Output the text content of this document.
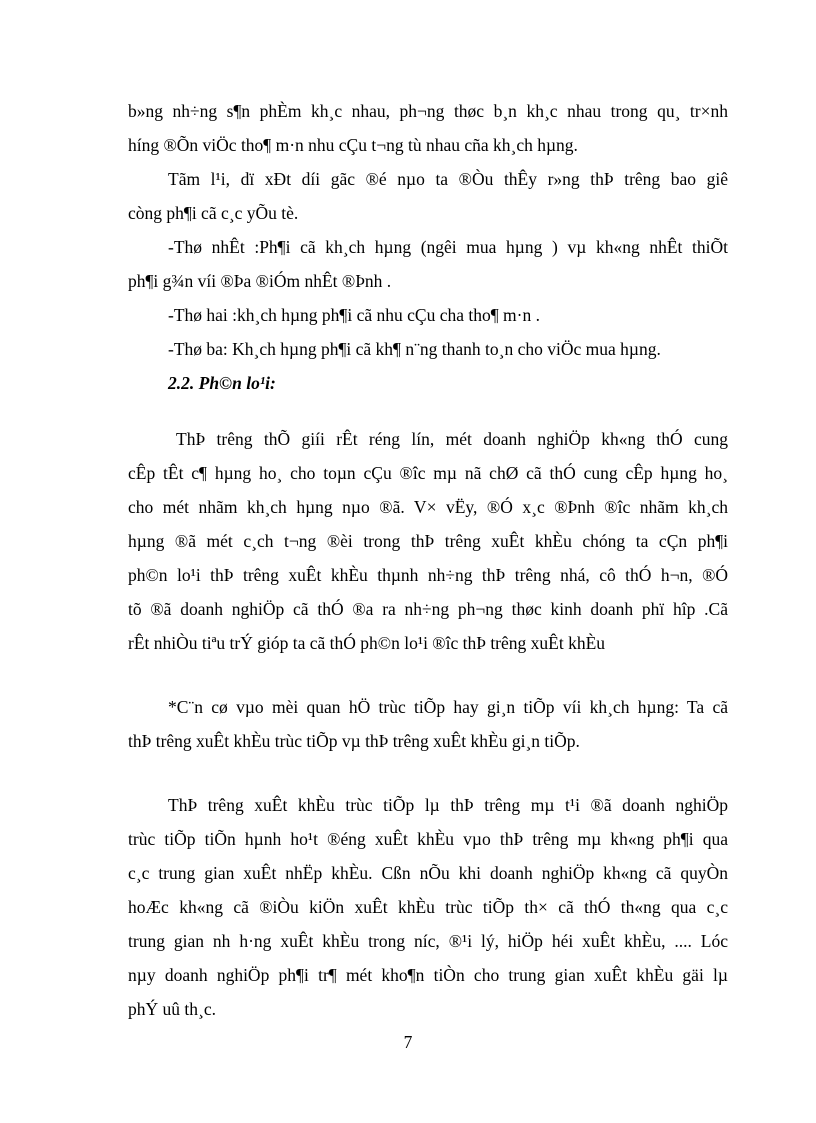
b»ng nh÷ng s¶n phÈm kh¸c nhau, ph¬ng thøc b¸n kh¸c nhau trong qu¸ tr×nh
híng ®Õn viÖc tho¶ m·n nhu cÇu t¬ng tù nhau cña kh¸ch hµng.
Tãm l¹i, dï xÐt díi gãc ®é nµo ta ®Òu thÊy r»ng thÞ trêng bao giê
còng ph¶i cã c¸c yÕu tè.
-Thø nhÊt :Ph¶i cã kh¸ch hµng (ngêi mua hµng ) vµ kh«ng nhÊt thiÕt
ph¶i g¾n víi ®Þa ®iÓm nhÊt ®Þnh .
-Thø hai :kh¸ch hµng ph¶i cã nhu cÇu cha tho¶ m·n .
-Thø ba: Kh¸ch hµng ph¶i cã kh¶ n¨ng thanh to¸n cho viÖc mua hµng.
2.2. Ph©n lo¹i:
ThÞ trêng thÕ giíi rÊt réng lín, mét doanh nghiÖp kh«ng thÓ cung
cÊp tÊt c¶ hµng ho¸ cho toµn cÇu ®îc mµ nã chØ cã thÓ cung cÊp hµng ho¸
cho mét nhãm kh¸ch hµng nµo ®ã. V× vËy, ®Ó x¸c ®Þnh ®îc nhãm kh¸ch
hµng ®ã mét c¸ch t¬ng ®èi trong thÞ trêng xuÊt khÈu chóng ta cÇn ph¶i
ph©n lo¹i thÞ trêng xuÊt khÈu thµnh nh÷ng thÞ trêng nhá, cô thÓ h¬n, ®Ó
tõ ®ã doanh nghiÖp cã thÓ ®a ra nh÷ng ph¬ng thøc kinh doanh phï hîp .Cã
rÊt nhiÒu tiªu trÝ gióp ta cã thÓ ph©n lo¹i ®îc thÞ trêng xuÊt khÈu
*C¨n cø vµo mèi quan hÖ trùc tiÕp hay gi¸n tiÕp víi kh¸ch hµng: Ta cã
thÞ trêng xuÊt khÈu trùc tiÕp vµ thÞ trêng xuÊt khÈu gi¸n tiÕp.
ThÞ trêng xuÊt khÈu trùc tiÕp lµ thÞ trêng mµ t¹i ®ã doanh nghiÖp
trùc tiÕp tiÕn hµnh ho¹t ®éng xuÊt khÈu vµo thÞ trêng mµ kh«ng ph¶i qua
c¸c trung gian xuÊt nhËp khÈu. Cßn nÕu khi doanh nghiÖp kh«ng cã quyÒn
hoÆc kh«ng cã ®iÒu kiÖn xuÊt khÈu trùc tiÕp th× cã thÓ th«ng qua c¸c
trung gian nh h·ng xuÊt khÈu trong níc, ®¹i lý, hiÖp héi xuÊt khÈu, .... Lóc
nµy doanh nghiÖp ph¶i tr¶ mét kho¶n tiÒn cho trung gian xuÊt khÈu gäi lµ
phÝ uû th¸c.
7
